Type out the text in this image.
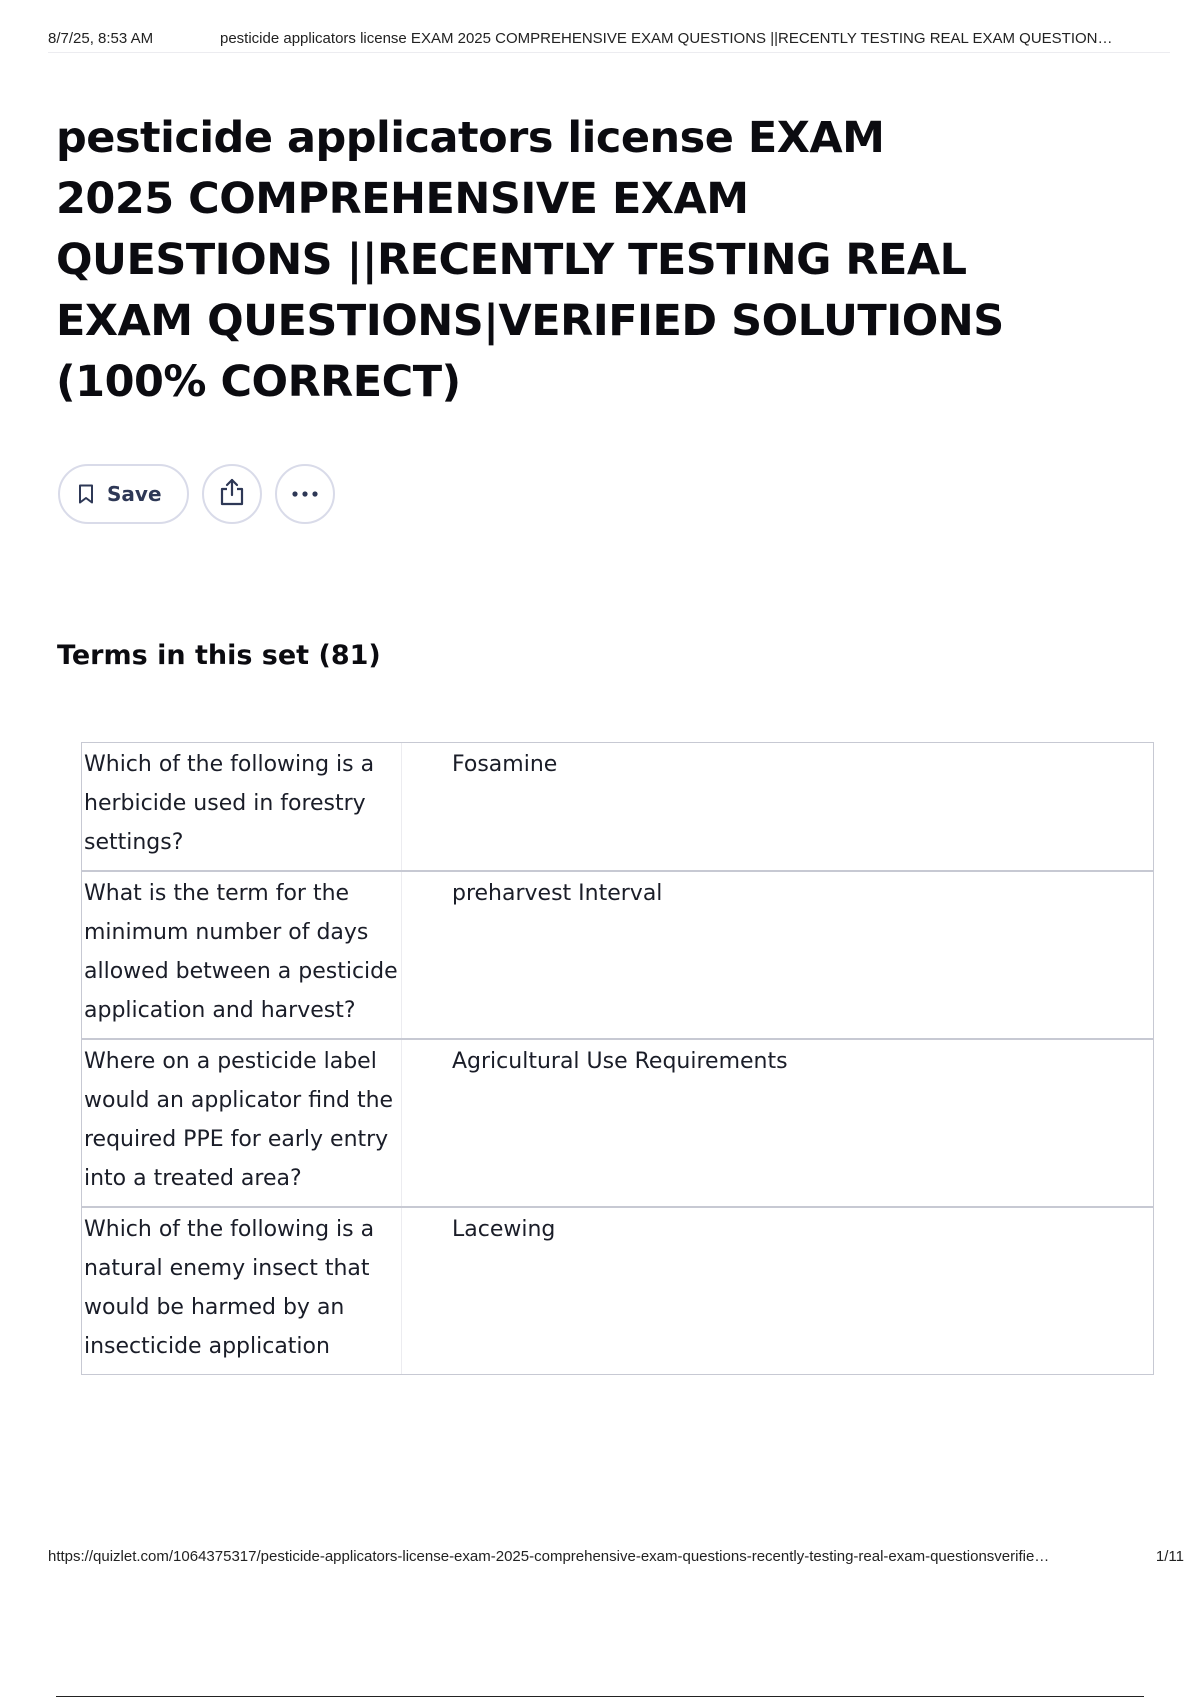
8/7/25, 8:53 AM	pesticide applicators license EXAM 2025 COMPREHENSIVE EXAM QUESTIONS ||RECENTLY TESTING REAL EXAM QUESTION…
pesticide applicators license EXAM 2025 COMPREHENSIVE EXAM QUESTIONS ||RECENTLY TESTING REAL EXAM QUESTIONS|VERIFIED SOLUTIONS (100% CORRECT)
Save
Terms in this set (81)
Which of the following is a herbicide used in forestry settings?
Fosamine
What is the term for the minimum number of days allowed between a pesticide application and harvest?
preharvest Interval
Where on a pesticide label would an applicator find the required PPE for early entry into a treated area?
Agricultural Use Requirements
Which of the following is a natural enemy insect that would be harmed by an insecticide application
Lacewing
https://quizlet.com/1064375317/pesticide-applicators-license-exam-2025-comprehensive-exam-questions-recently-testing-real-exam-questionsverifie…	1/11
